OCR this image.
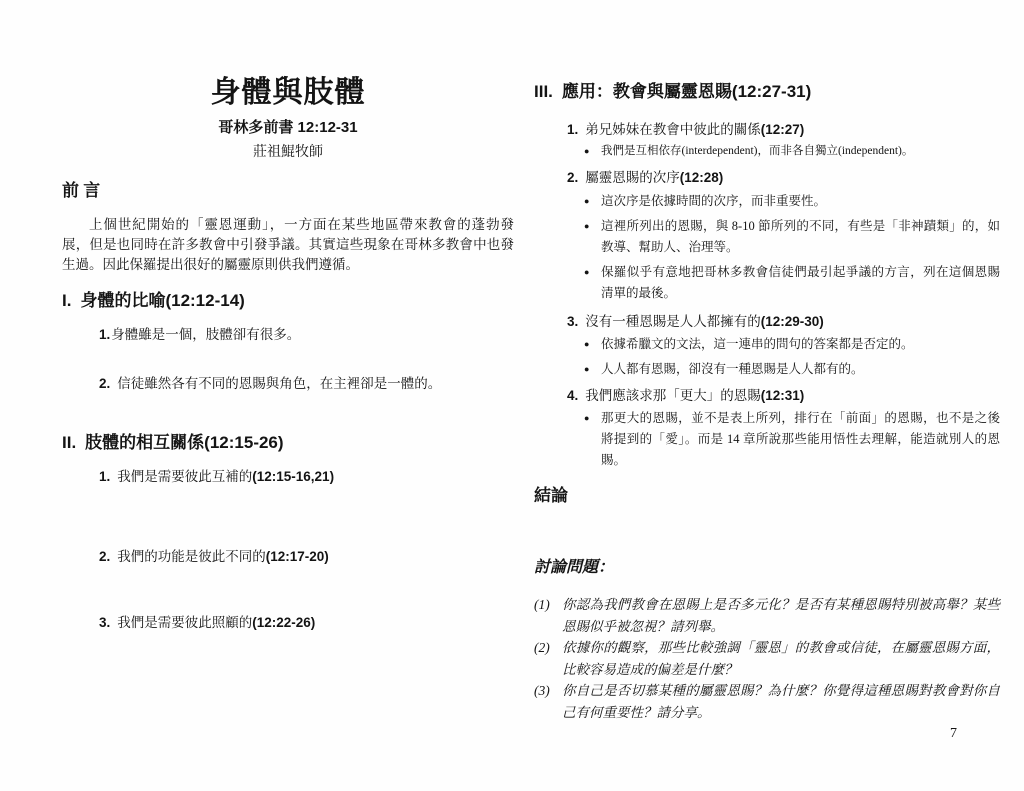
身體與肢體
哥林多前書 12:12-31
莊祖鯤牧師
前 言

上個世紀開始的「靈恩運動」，一方面在某些地區帶來教會的蓬勃發展，但是也同時在許多教會中引發爭議。其實這些現象在哥林多教會中也發生過。因此保羅提出很好的屬靈原則供我們遵循。

I. 身體的比喻(12:12-14)
1. 身體雖是一個，肢體卻有很多。
2. 信徒雖然各有不同的恩賜與角色，在主裡卻是一體的。
II. 肢體的相互關係(12:15-26)
1. 我們是需要彼此互補的(12:15-16,21)
2. 我們的功能是彼此不同的(12:17-20)
3. 我們是需要彼此照顧的(12:22-26)
III. 應用：教會與屬靈恩賜(12:27-31)
1. 弟兄姊妹在教會中彼此的關係(12:27)
●	我們是互相依存(interdependent)，而非各自獨立(independent)。
2. 屬靈恩賜的次序(12:28)
● 這次序是依據時間的次序，而非重要性。
● 這裡所列出的恩賜，與 8-10 節所列的不同，有些是「非神蹟類」的，如教導、幫助人、治理等。
● 保羅似乎有意地把哥林多教會信徒們最引起爭議的方言，列在這個恩賜清單的最後。
3. 沒有一種恩賜是人人都擁有的(12:29-30)
● 依據希臘文的文法，這一連串的問句的答案都是否定的。
● 人人都有恩賜，卻沒有一種恩賜是人人都有的。
4. 我們應該求那「更大」的恩賜(12:31)
● 那更大的恩賜，並不是表上所列，排行在「前面」的恩賜，也不是之後將提到的「愛」。而是 14 章所說那些能用悟性去理解，能造就別人的恩賜。
結論
討論問題：
(1) 你認為我們教會在恩賜上是否多元化？是否有某種恩賜特別被高舉？某些恩賜似乎被忽視？請列舉。
(2) 依據你的觀察，那些比較強調「靈恩」的教會或信徒，在屬靈恩賜方面，比較容易造成的偏差是什麼？
(3) 你自己是否切慕某種的屬靈恩賜？為什麼？你覺得這種恩賜對教會對你自己有何重要性？請分享。
7
